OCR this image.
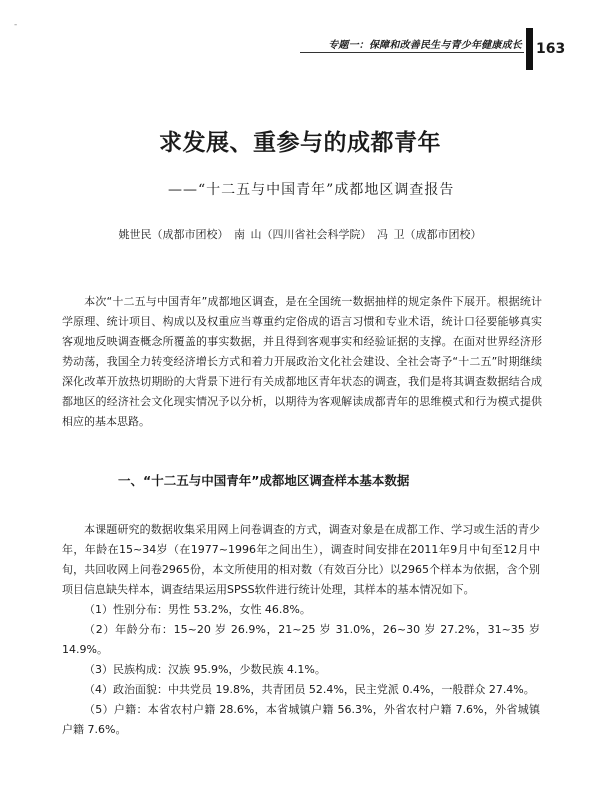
-
专题一：保障和改善民生与青少年健康成长 163
求发展、重参与的成都青年
——“十二五与中国青年”成都地区调查报告
姚世民（成都市团校） 南 山（四川省社会科学院） 冯 卫（成都市团校）

本次“十二五与中国青年”成都地区调查，是在全国统一数据抽样的规定条件下展开。根据统计学原理、统计项目、构成以及权重应当尊重约定俗成的语言习惯和专业术语，统计口径要能够真实客观地反映调查概念所覆盖的事实数据，并且得到客观事实和经验证据的支撑。在面对世界经济形势动荡，我国全力转变经济增长方式和着力开展政治文化社会建设、全社会寄予“十二五”时期继续深化改革开放热切期盼的大背景下进行有关成都地区青年状态的调查，我们是将其调查数据结合成都地区的经济社会文化现实情况予以分析，以期待为客观解读成都青年的思维模式和行为模式提供相应的基本思路。

一、“十二五与中国青年”成都地区调查样本基本数据

本课题研究的数据收集采用网上问卷调查的方式，调查对象是在成都工作、学习或生活的青少年，年龄在15~34岁（在1977~1996年之间出生），调查时间安排在2011年9月中旬至12月中旬，共回收网上问卷2965份，本文所使用的相对数（有效百分比）以2965个样本为依据，含个别项目信息缺失样本，调查结果运用SPSS软件进行统计处理，其样本的基本情况如下。

（1）性别分布：男性 53.2%，女性 46.8%。
（2）年龄分布：15~20 岁 26.9%，21~25 岁 31.0%，26~30 岁 27.2%，31~35 岁14.9%。
（3）民族构成：汉族 95.9%，少数民族 4.1%。
（4）政治面貌：中共党员 19.8%，共青团员 52.4%，民主党派 0.4%，一般群众 27.4%。
（5）户籍：本省农村户籍 28.6%，本省城镇户籍 56.3%，外省农村户籍 7.6%，外省城镇户籍 7.6%。
